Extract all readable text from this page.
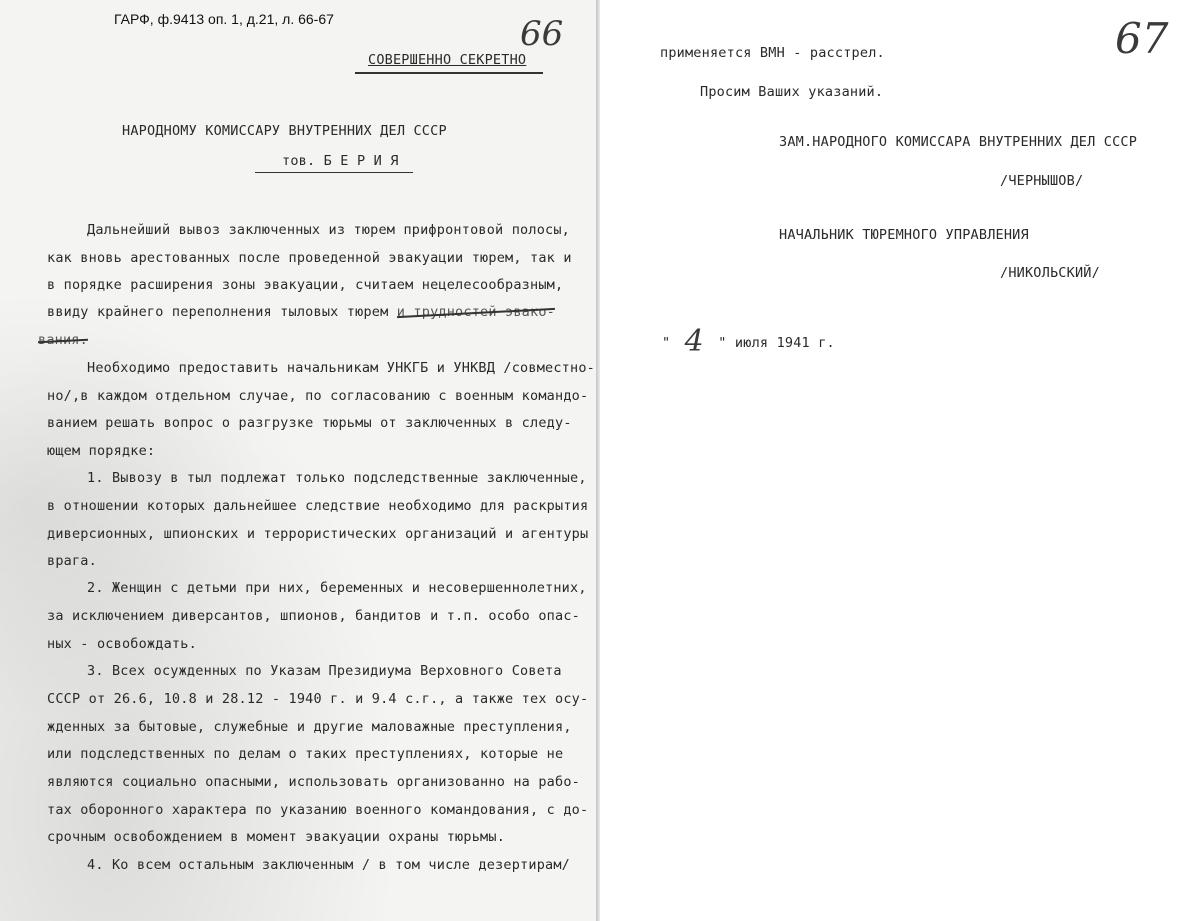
ГАРФ, ф.9413 оп. 1, д.21, л. 66-67	66
СОВЕРШЕННО СЕКРЕТНО
НАРОДНОМУ КОМИССАРУ ВНУТРЕННИХ ДЕЛ СССР
тов. Б Е Р И Я
Дальнейший вывоз заключенных из тюрем прифронтовой полосы,
как вновь арестованных после проведенной эвакуации тюрем, так и
в порядке расширения зоны эвакуации, считаем нецелесообразным,
ввиду крайнего переполнения тыловых тюрем и трудностей эвако-
вания.
Необходимо предоставить начальникам УНКГБ и УНКВД /совместно-
но/,в каждом отдельном случае, по согласованию с военным командо-
ванием решать вопрос о разгрузке тюрьмы от заключенных в следу-
ющем порядке:
1. Вывозу в тыл подлежат только подследственные заключенные,
в отношении которых дальнейшее следствие необходимо для раскрытия
диверсионных, шпионских и террористических организаций и агентуры
врага.
2. Женщин с детьми при них, беременных и несовершеннолетних,
за исключением диверсантов, шпионов, бандитов и т.п. особо опас-
ных - освобождать.
3. Всех осужденных по Указам Президиума Верховного Совета
СССР от 26.6, 10.8 и 28.12 - 1940 г. и 9.4 с.г., а также тех осу-
жденных за бытовые, служебные и другие маловажные преступления,
или подследственных по делам о таких преступлениях, которые не
являются социально опасными, использовать организованно на рабо-
тах оборонного характера по указанию военного командования, с до-
срочным освобождением в момент эвакуации охраны тюрьмы.
4. Ко всем остальным заключенным / в том числе дезертирам/
67
применяется ВМН - расстрел.
Просим Ваших указаний.
ЗАМ.НАРОДНОГО КОМИССАРА ВНУТРЕННИХ ДЕЛ СССР
/ЧЕРНЫШОВ/
НАЧАЛЬНИК ТЮРЕМНОГО УПРАВЛЕНИЯ
/НИКОЛЬСКИЙ/
" 4 " июля 1941 г.
